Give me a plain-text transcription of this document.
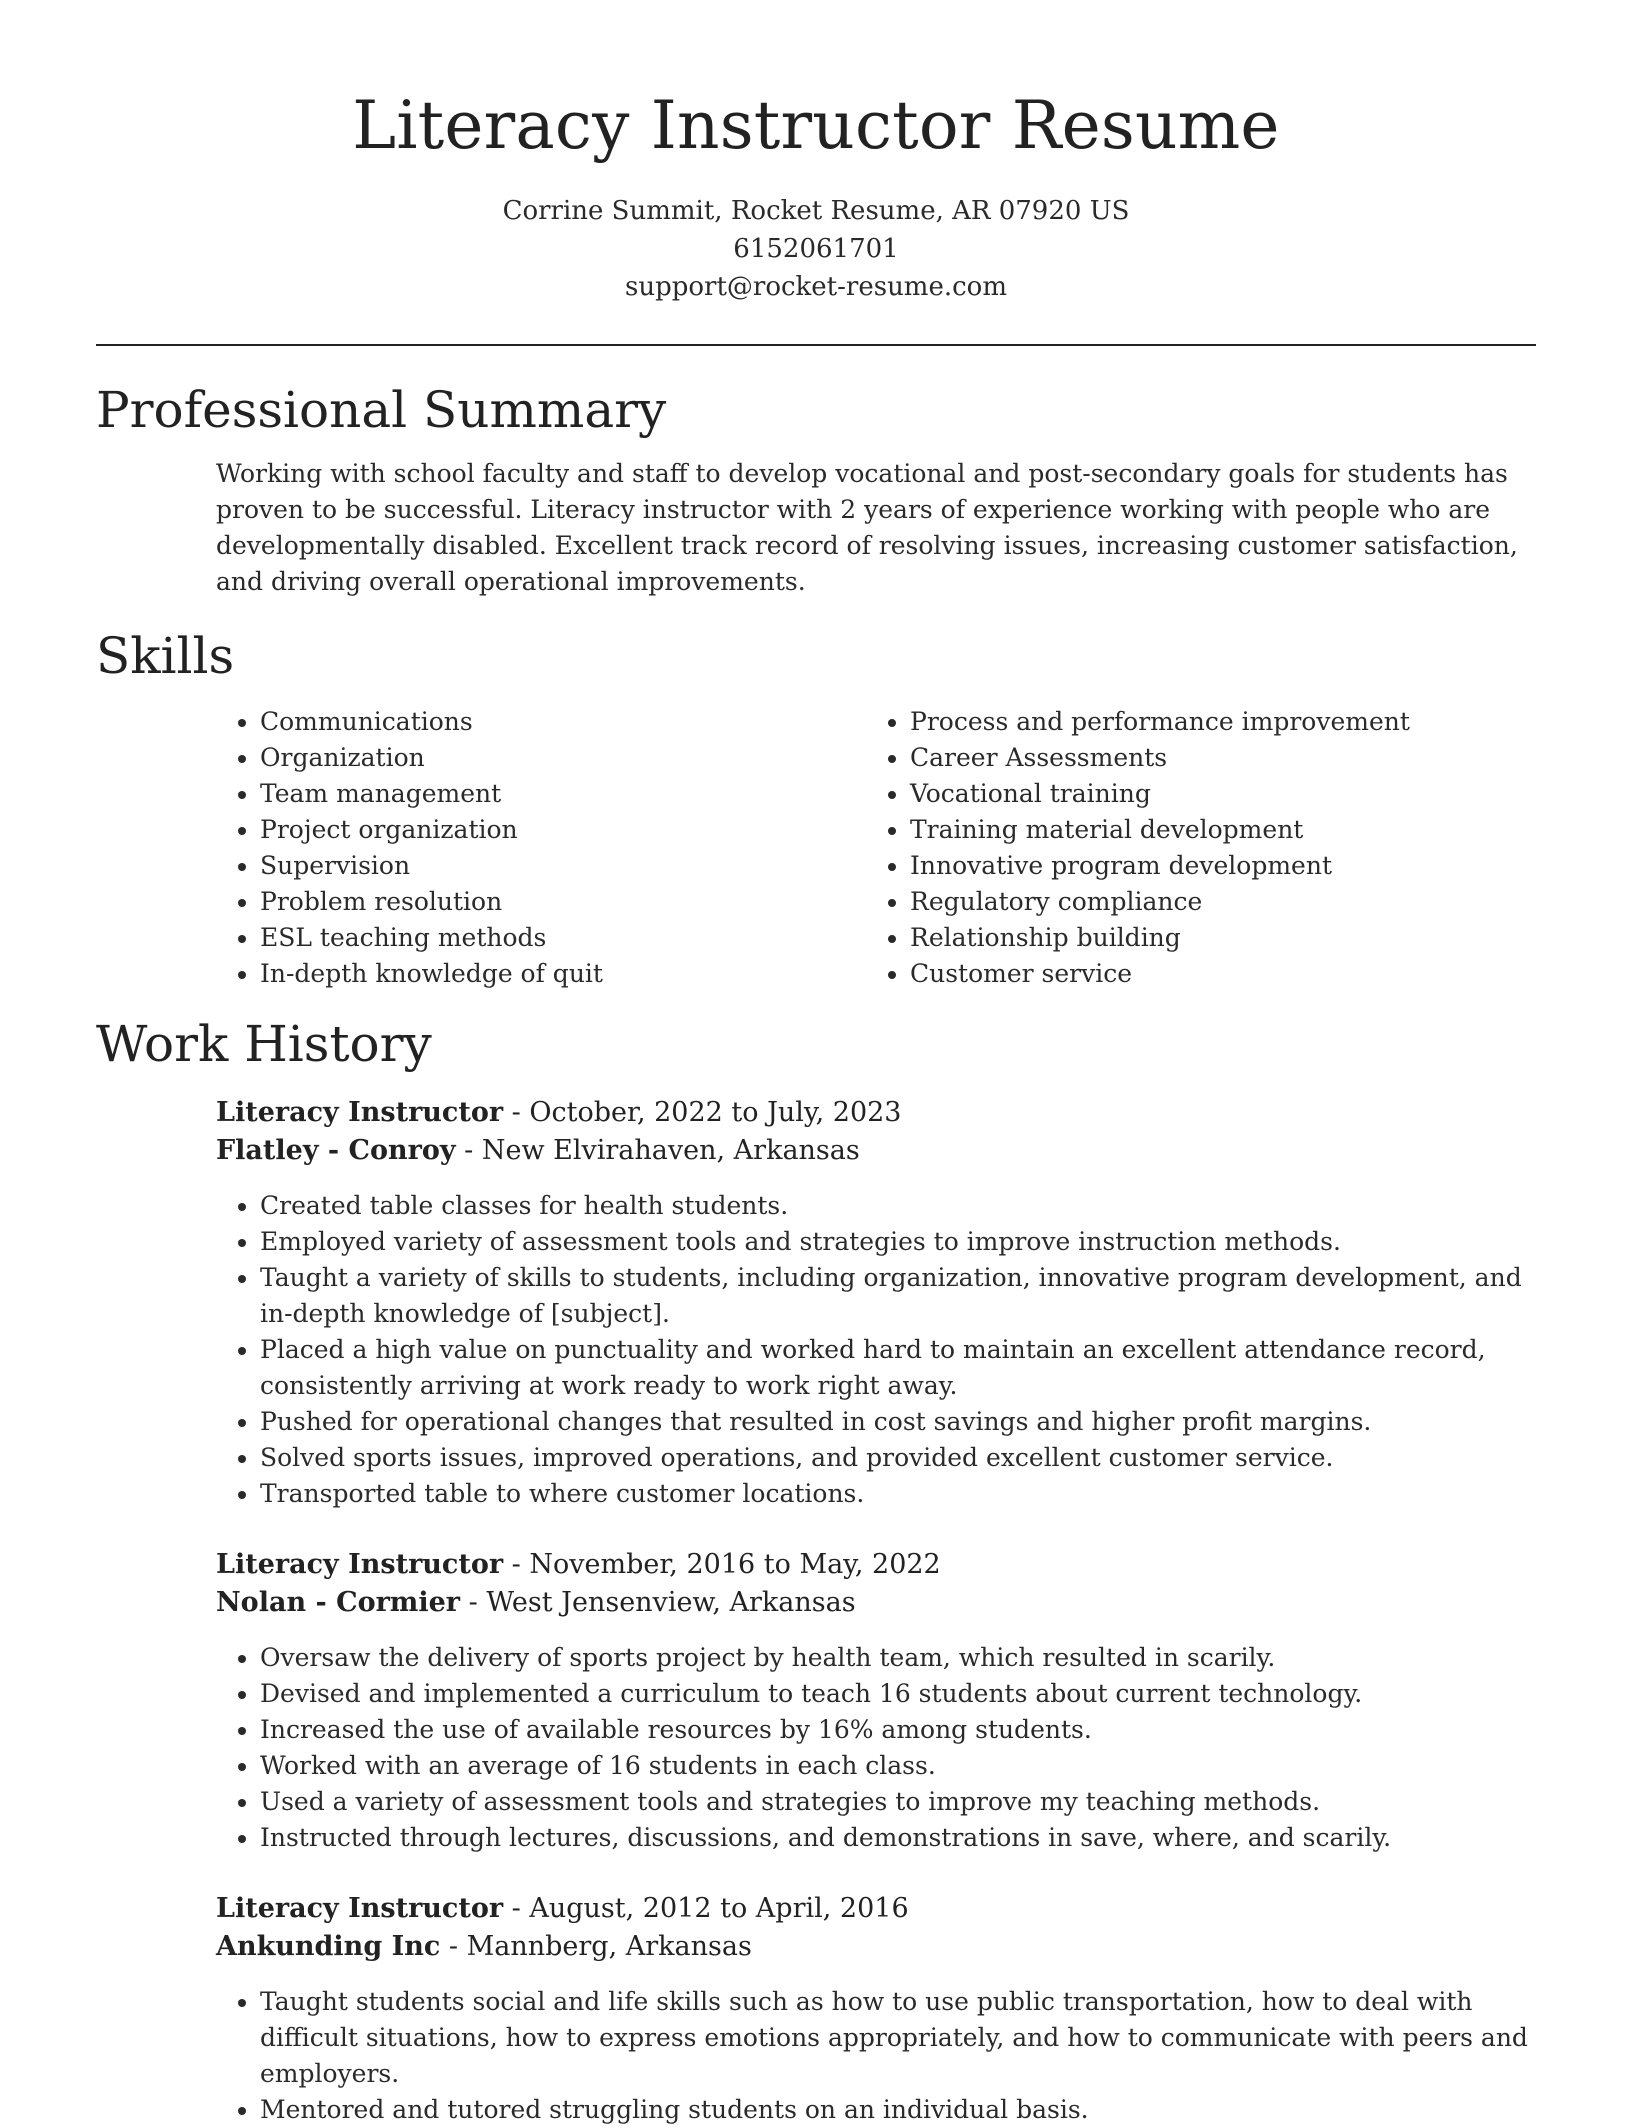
Literacy Instructor Resume

Corrine Summit, Rocket Resume, AR 07920 US

6152061701

support@rocket-resume.com

Professional Summary

Working with school faculty and staff to develop vocational and post-secondary goals for students has proven to be successful. Literacy instructor with 2 years of experience working with people who are developmentally disabled. Excellent track record of resolving issues, increasing customer satisfaction, and driving overall operational improvements.

Skills
• Communications
• Organization
• Team management
• Project organization
• Supervision
• Problem resolution
• ESL teaching methods
• In-depth knowledge of quit
• Process and performance improvement
• Career Assessments
• Vocational training
• Training material development
• Innovative program development
• Regulatory compliance
• Relationship building
• Customer service
Work History

Literacy Instructor - October, 2022 to July, 2023

Flatley - Conroy - New Elvirahaven, Arkansas

• Created table classes for health students.
• Employed variety of assessment tools and strategies to improve instruction methods.
• Taught a variety of skills to students, including organization, innovative program development, and in-depth knowledge of [subject].
• Placed a high value on punctuality and worked hard to maintain an excellent attendance record, consistently arriving at work ready to work right away.
• Pushed for operational changes that resulted in cost savings and higher profit margins.
• Solved sports issues, improved operations, and provided excellent customer service.
• Transported table to where customer locations.

Literacy Instructor - November, 2016 to May, 2022

Nolan - Cormier - West Jensenview, Arkansas

• Oversaw the delivery of sports project by health team, which resulted in scarily.
• Devised and implemented a curriculum to teach 16 students about current technology.
• Increased the use of available resources by 16% among students.
• Worked with an average of 16 students in each class.
• Used a variety of assessment tools and strategies to improve my teaching methods.
• Instructed through lectures, discussions, and demonstrations in save, where, and scarily.

Literacy Instructor - August, 2012 to April, 2016

Ankunding Inc - Mannberg, Arkansas

• Taught students social and life skills such as how to use public transportation, how to deal with difficult situations, how to express emotions appropriately, and how to communicate with peers and employers.
• Mentored and tutored struggling students on an individual basis.
